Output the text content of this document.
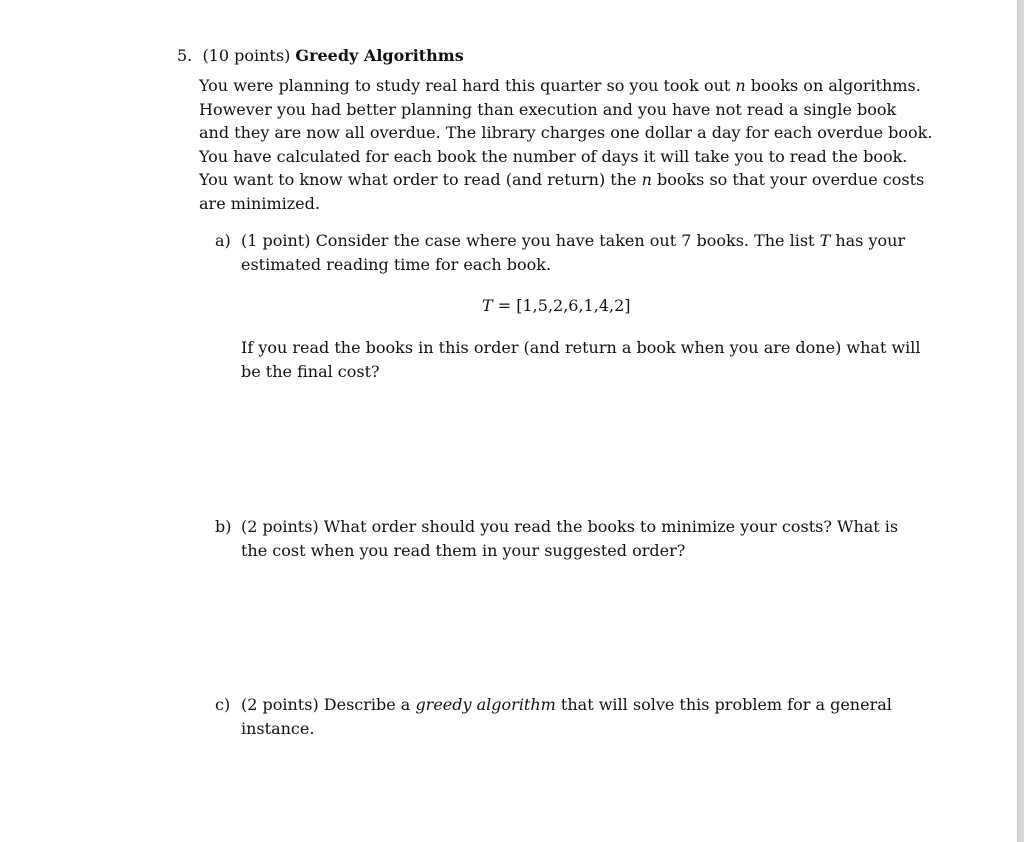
5. (10 points) Greedy Algorithms

You were planning to study real hard this quarter so you took out n books on algorithms.
However you had better planning than execution and you have not read a single book
and they are now all overdue. The library charges one dollar a day for each overdue book.
You have calculated for each book the number of days it will take you to read the book.
You want to know what order to read (and return) the n books so that your overdue costs
are minimized.

a) (1 point) Consider the case where you have taken out 7 books. The list T has your
estimated reading time for each book.

T = [1,5,2,6,1,4,2]

If you read the books in this order (and return a book when you are done) what will
be the final cost?

b) (2 points) What order should you read the books to minimize your costs? What is
the cost when you read them in your suggested order?

c) (2 points) Describe a greedy algorithm that will solve this problem for a general
instance.
